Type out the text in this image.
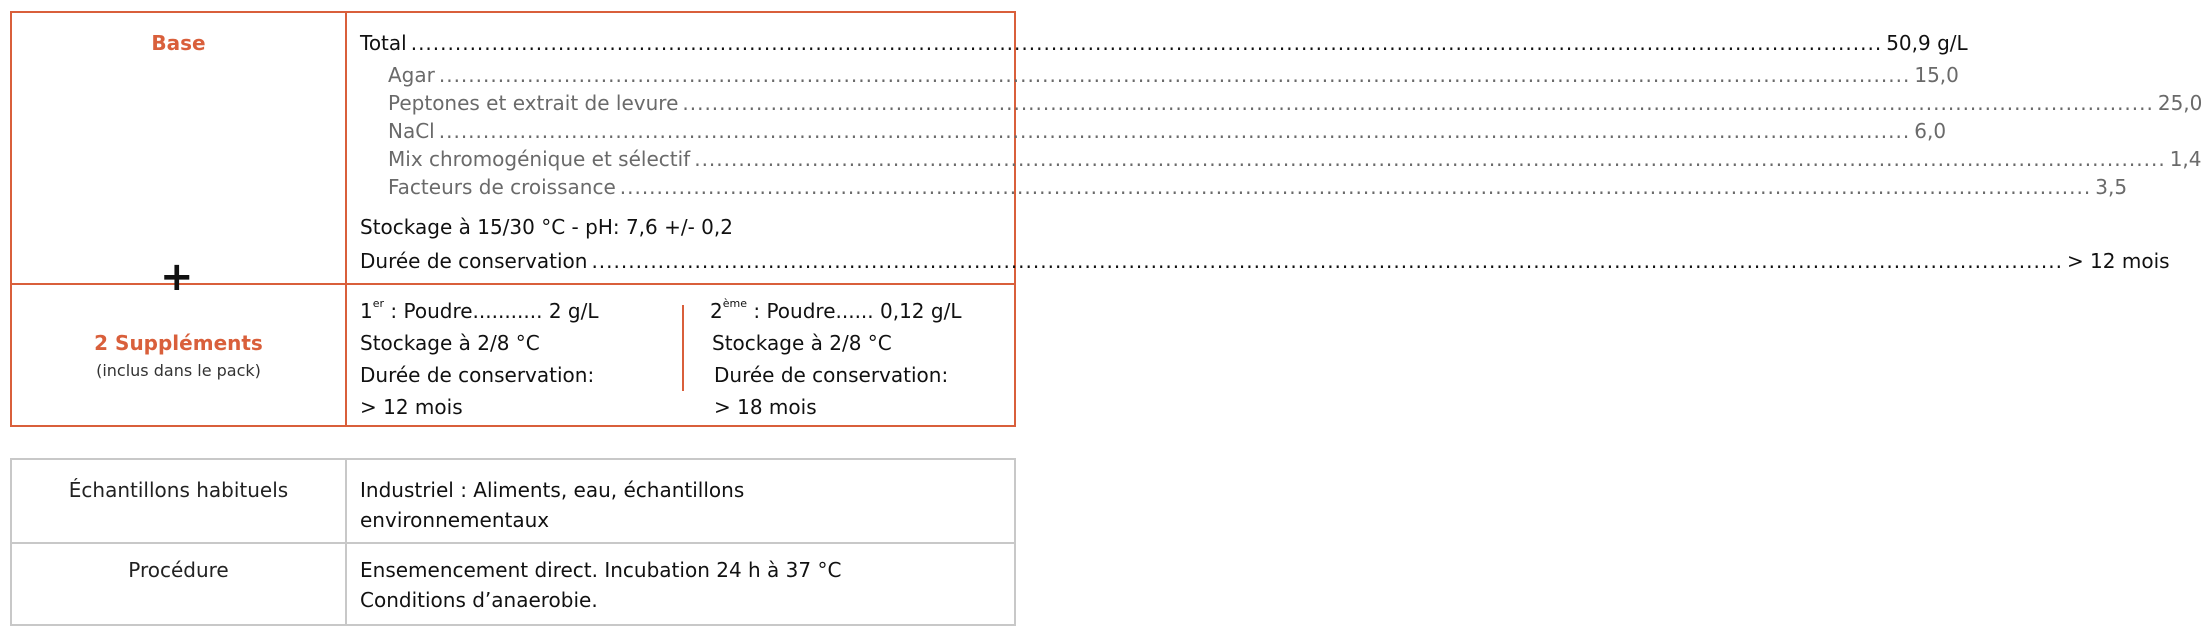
Base
+
2 Suppléments
(inclus dans le pack)
Total ........................................................................................................................................................................................................ 50,9 g/L
Agar ........................................................................................................................................................................................................ 15,0
Peptones et extrait de levure ........................................................................................................................................................................................................ 25,0
NaCl ........................................................................................................................................................................................................ 6,0
Mix chromogénique et sélectif ........................................................................................................................................................................................................ 1,4
Facteurs de croissance ........................................................................................................................................................................................................ 3,5
Stockage à 15/30 °C - pH: 7,6 +/- 0,2
Durée de conservation ........................................................................................................................................................................................................ > 12 mois
1er : Poudre........... 2 g/L
Stockage à 2/8 °C
Durée de conservation:
> 12 mois
2ème : Poudre...... 0,12 g/L
Stockage à 2/8 °C
Durée de conservation:
> 18 mois
Échantillons habituels	Industriel : Aliments, eau, échantillons
environnementaux
Procédure	Ensemencement direct. Incubation 24 h à 37 °C
Conditions d’anaerobie.
